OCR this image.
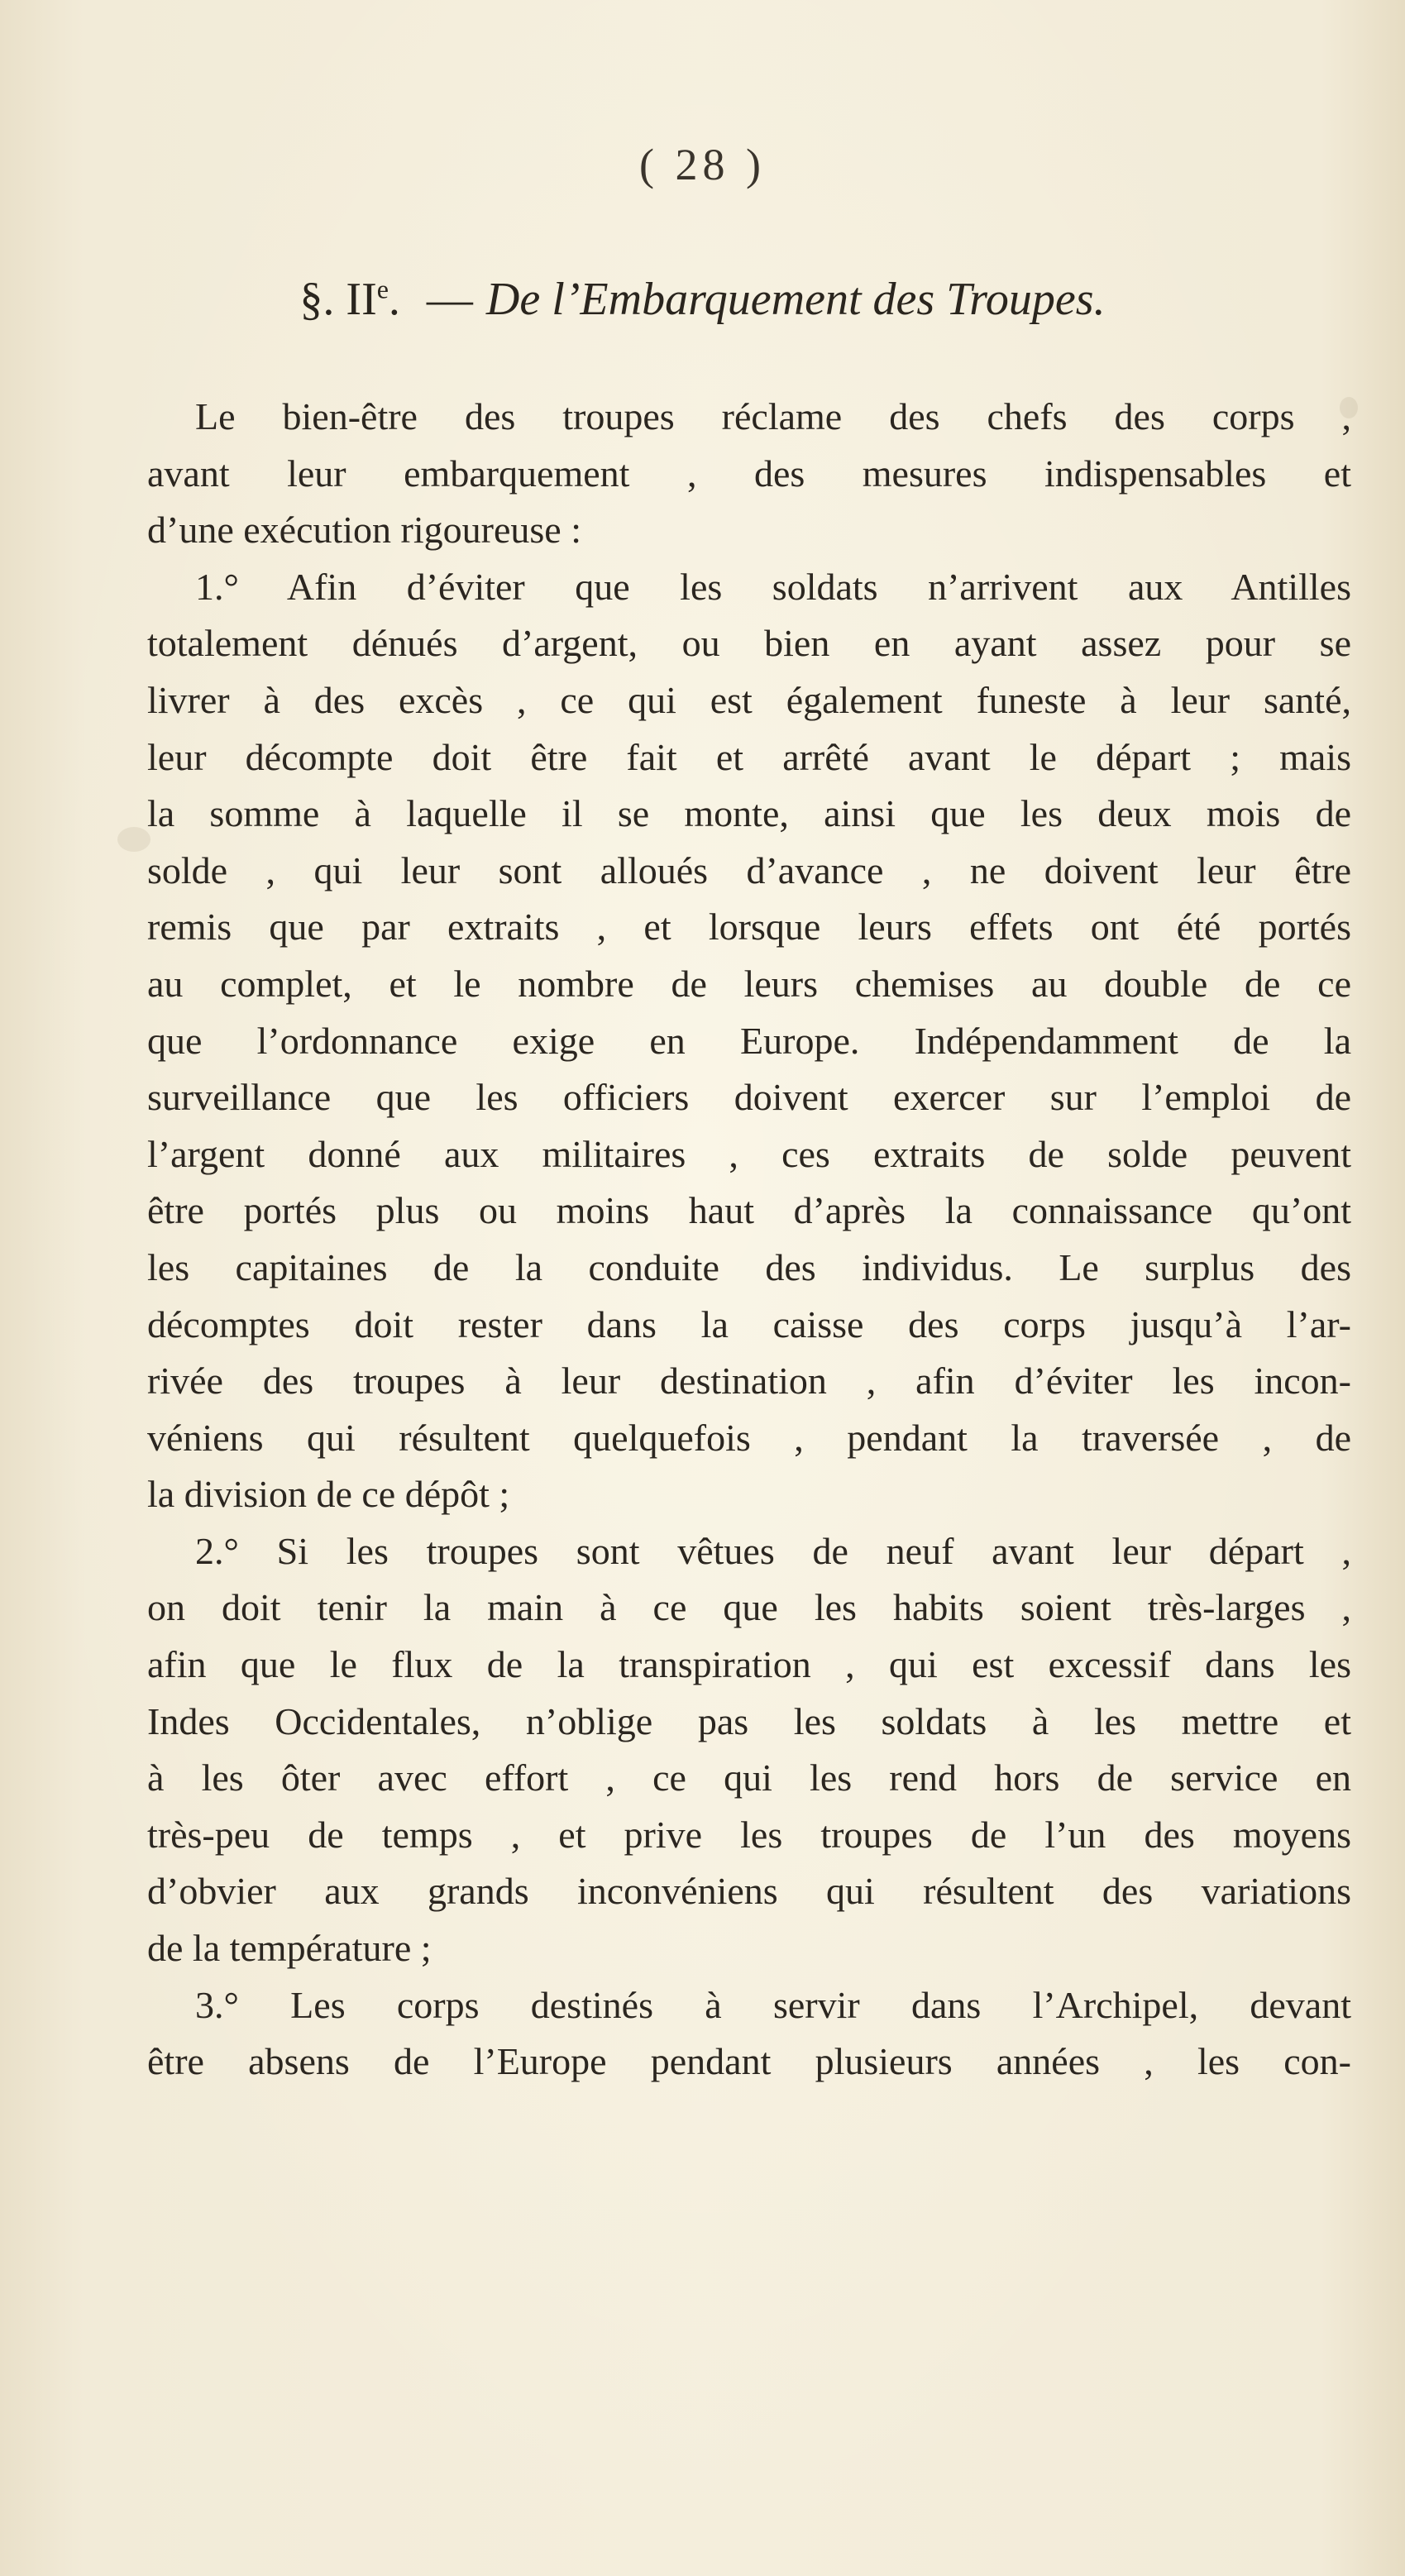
( 28 )
§. IIe. — De l’Embarquement des Troupes.
Le bien-être des troupes réclame des chefs des corps ,
avant leur embarquement , des mesures indispensables et
d’une exécution rigoureuse :
1.° Afin d’éviter que les soldats n’arrivent aux Antilles
totalement dénués d’argent, ou bien en ayant assez pour se
livrer à des excès , ce qui est également funeste à leur santé,
leur décompte doit être fait et arrêté avant le départ ; mais
la somme à laquelle il se monte, ainsi que les deux mois de
solde , qui leur sont alloués d’avance , ne doivent leur être
remis que par extraits , et lorsque leurs effets ont été portés
au complet, et le nombre de leurs chemises au double de ce
que l’ordonnance exige en Europe. Indépendamment de la
surveillance que les officiers doivent exercer sur l’emploi de
l’argent donné aux militaires , ces extraits de solde peuvent
être portés plus ou moins haut d’après la connaissance qu’ont
les capitaines de la conduite des individus. Le surplus des
décomptes doit rester dans la caisse des corps jusqu’à l’ar-
rivée des troupes à leur destination , afin d’éviter les incon-
véniens qui résultent quelquefois , pendant la traversée , de
la division de ce dépôt ;
2.° Si les troupes sont vêtues de neuf avant leur départ ,
on doit tenir la main à ce que les habits soient très-larges ,
afin que le flux de la transpiration , qui est excessif dans les
Indes Occidentales, n’oblige pas les soldats à les mettre et
à les ôter avec effort , ce qui les rend hors de service en
très-peu de temps , et prive les troupes de l’un des moyens
d’obvier aux grands inconvéniens qui résultent des variations
de la température ;
3.° Les corps destinés à servir dans l’Archipel, devant
être absens de l’Europe pendant plusieurs années , les con-
